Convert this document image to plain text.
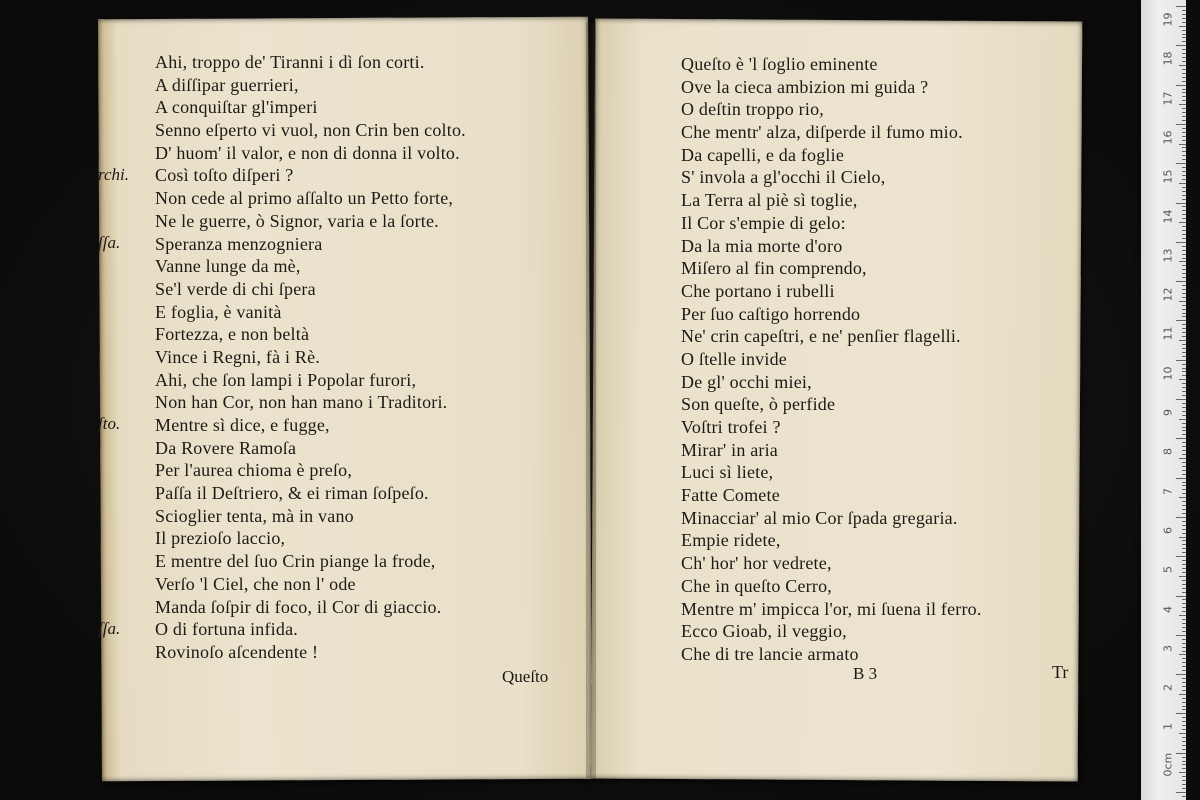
Ahi, troppo de' Tiranni i dì ſon corti.
A diſſipar guerrieri,
A conquiſtar gl'imperi
Senno eſperto vi vuol, non Crin ben colto.
D' huom' il valor, e non di donna il volto.
Così toſto diſperi ?
Non cede al primo aſſalto un Petto forte,
Ne le guerre, ò Signor, varia e la ſorte.
Speranza menzogniera
Vanne lunge da mè,
Se'l verde di chi ſpera
E foglia, è vanità
Fortezza, e non beltà
Vince i Regni, fà i Rè.
Ahi, che ſon lampi i Popolar furori,
Non han Cor, non han mano i Traditori.
Mentre sì dice, e fugge,
Da Rovere Ramoſa
Per l'aurea chioma è preſo,
Paſſa il Deſtriero, & ei riman ſoſpeſo.
Scioglier tenta, mà in vano
Il prezioſo laccio,
E mentre del ſuo Crin piange la frode,
Verſo 'l Ciel, che non l' ode
Manda ſoſpir di foco, il Cor di giaccio.
O di fortuna infida.
Rovinoſo aſcendente !
rchi.
ſſa.
ſto.
ſſa.
Queſto
Queſto è 'l ſoglio eminente
Ove la cieca ambizion mi guida ?
O deſtin troppo rio,
Che mentr' alza, diſperde il fumo mio.
Da capelli, e da foglie
S' invola a gl'occhi il Cielo,
La Terra al piè sì toglie,
Il Cor s'empie di gelo:
Da la mia morte d'oro
Miſero al fin comprendo,
Che portano i rubelli
Per ſuo caſtigo horrendo
Ne' crin capeſtri, e ne' penſier flagelli.
O ſtelle invide
De gl' occhi miei,
Son queſte, ò perfide
Voſtri trofei ?
Mirar' in aria
Luci sì liete,
Fatte Comete
Minacciar' al mio Cor ſpada gregaria.
Empie ridete,
Ch' hor' hor vedrete,
Che in queſto Cerro,
Mentre m' impicca l'or, mi ſuena il ferro.
Ecco Gioab, il veggio,
Che di tre lancie armato
B 3	Tr
19
18
17
16
15
14
13
12
11
10
9
8
7
6
5
4
3
2
1
0cm
